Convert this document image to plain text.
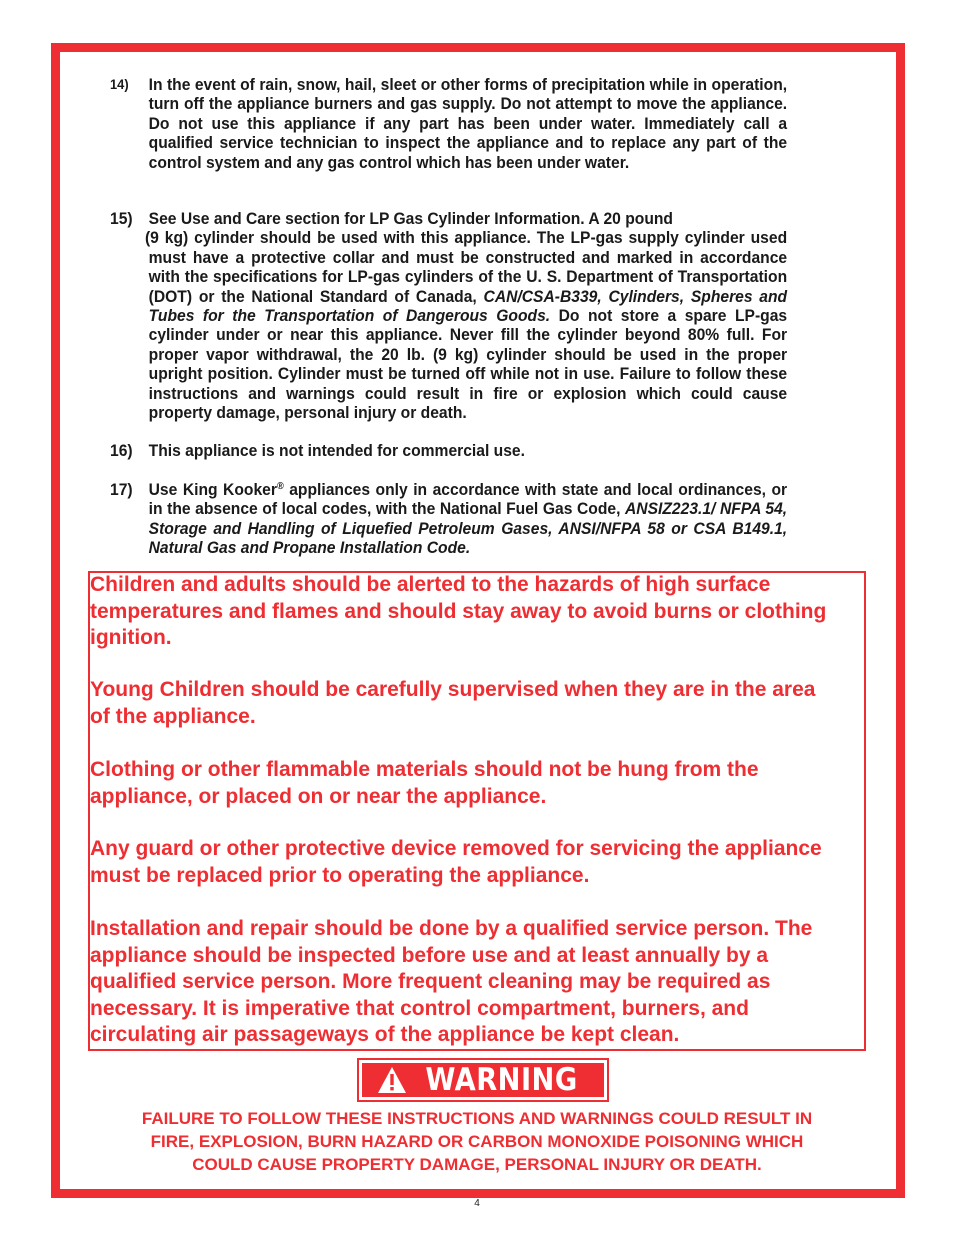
14)	In the event of rain, snow, hail, sleet or other forms of precipitation while in operation, turn off the appliance burners and gas supply. Do not attempt to move the appliance. Do not use this appliance if any part has been under water. Immediately call a qualified service technician to inspect the appliance and to replace any part of the control system and any gas control which has been under water.
15) See Use and Care section for LP Gas Cylinder Information. A 20 pound
(9 kg) cylinder should be used with this appliance. The LP-gas supply cylinder used must have a protective collar and must be constructed and marked in accordance with the specifications for LP-gas cylinders of the U. S. Department of Transportation (DOT) or the National Standard of Canada, CAN/CSA-B339, Cylinders, Spheres and Tubes for the Transportation of Dangerous Goods. Do not store a spare LP-gas cylinder under or near this appliance. Never fill the cylinder beyond 80% full. For proper vapor withdrawal, the 20 lb. (9 kg) cylinder should be used in the proper upright position. Cylinder must be turned off while not in use. Failure to follow these instructions and warnings could result in fire or explosion which could cause property damage, personal injury or death.
16) This appliance is not intended for commercial use.
17) Use King Kooker® appliances only in accordance with state and local ordinances, or in the absence of local codes, with the National Fuel Gas Code, ANSIZ223.1/ NFPA 54, Storage and Handling of Liquefied Petroleum Gases, ANSI/NFPA 58 or CSA B149.1, Natural Gas and Propane Installation Code.
Children and adults should be alerted to the hazards of high surface
temperatures and flames and should stay away to avoid burns or clothing
ignition.
Young Children should be carefully supervised when they are in the area
of the appliance.
Clothing or other flammable materials should not be hung from the
appliance, or placed on or near the appliance.
Any guard or other protective device removed for servicing the appliance
must be replaced prior to operating the appliance.
Installation and repair should be done by a qualified service person. The
appliance should be inspected before use and at least annually by a
qualified service person. More frequent cleaning may be required as
necessary. It is imperative that control compartment, burners, and
circulating air passageways of the appliance be kept clean.
WARNING
FAILURE TO FOLLOW THESE INSTRUCTIONS AND WARNINGS COULD RESULT IN
FIRE, EXPLOSION, BURN HAZARD OR CARBON MONOXIDE POISONING WHICH
COULD CAUSE PROPERTY DAMAGE, PERSONAL INJURY OR DEATH.
4
